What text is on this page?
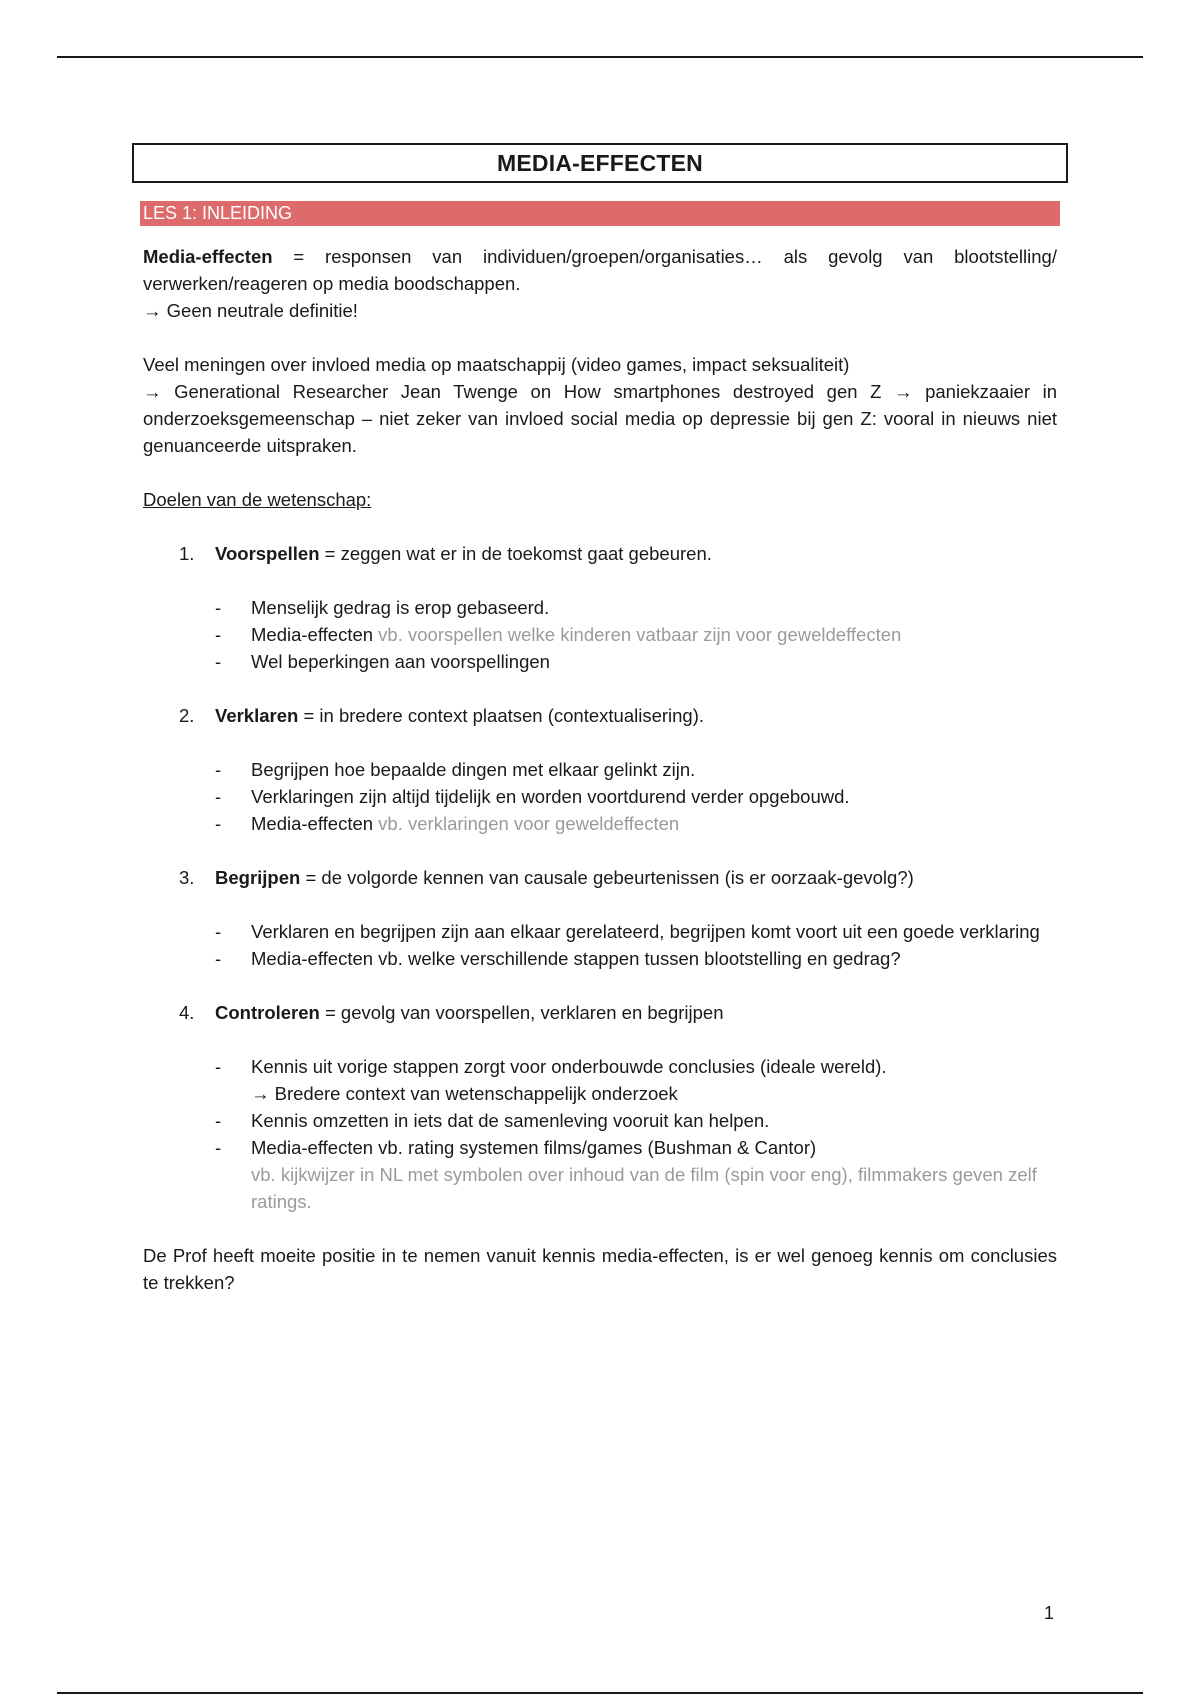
MEDIA-EFFECTEN
LES 1: INLEIDING

Media-effecten = responsen van individuen/groepen/organisaties… als gevolg van blootstelling/ verwerken/reageren op media boodschappen.

→ Geen neutrale definitie!

Veel meningen over invloed media op maatschappij (video games, impact seksualiteit)

→ Generational Researcher Jean Twenge on How smartphones destroyed gen Z → paniekzaaier in onderzoeksgemeenschap – niet zeker van invloed social media op depressie bij gen Z: vooral in nieuws niet genuanceerde uitspraken.

Doelen van de wetenschap:

1. Voorspellen = zeggen wat er in de toekomst gaat gebeuren.
- Menselijk gedrag is erop gebaseerd.
- Media-effecten vb. voorspellen welke kinderen vatbaar zijn voor geweldeffecten
- Wel beperkingen aan voorspellingen
2. Verklaren = in bredere context plaatsen (contextualisering).
- Begrijpen hoe bepaalde dingen met elkaar gelinkt zijn.
- Verklaringen zijn altijd tijdelijk en worden voortdurend verder opgebouwd.
- Media-effecten vb. verklaringen voor geweldeffecten
3. Begrijpen = de volgorde kennen van causale gebeurtenissen (is er oorzaak-gevolg?)
- Verklaren en begrijpen zijn aan elkaar gerelateerd, begrijpen komt voort uit een goede verklaring
- Media-effecten vb. welke verschillende stappen tussen blootstelling en gedrag?
4. Controleren = gevolg van voorspellen, verklaren en begrijpen
- Kennis uit vorige stappen zorgt voor onderbouwde conclusies (ideale wereld).
→ Bredere context van wetenschappelijk onderzoek
- Kennis omzetten in iets dat de samenleving vooruit kan helpen.
- Media-effecten vb. rating systemen films/games (Bushman & Cantor)
vb. kijkwijzer in NL met symbolen over inhoud van de film (spin voor eng), filmmakers geven zelf ratings.

De Prof heeft moeite positie in te nemen vanuit kennis media-effecten, is er wel genoeg kennis om conclusies te trekken?

1
